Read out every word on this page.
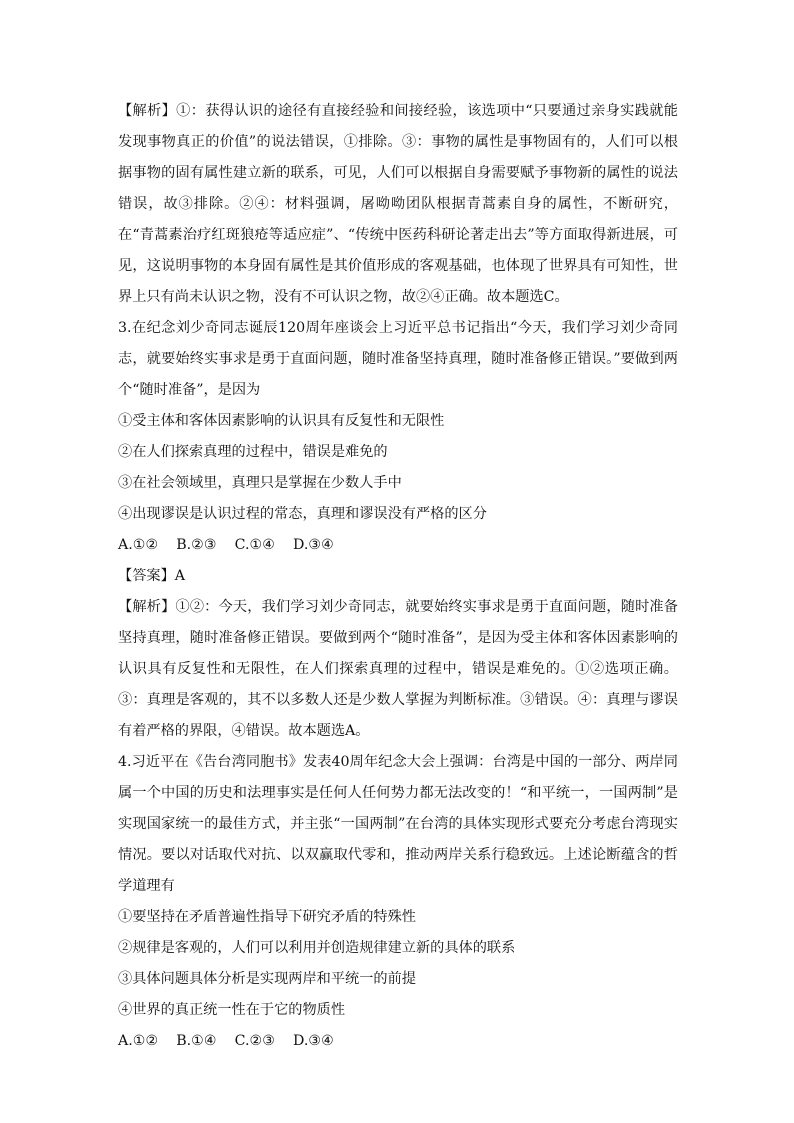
【解析】①：获得认识的途径有直接经验和间接经验，该选项中“只要通过亲身实践就能发现事物真正的价值”的说法错误，①排除。③：事物的属性是事物固有的，人们可以根据事物的固有属性建立新的联系，可见，人们可以根据自身需要赋予事物新的属性的说法错误，故③排除。②④：材料强调，屠呦呦团队根据青蒿素自身的属性，不断研究，在“青蒿素治疗红斑狼疮等适应症”、“传统中医药科研论著走出去”等方面取得新进展，可见，这说明事物的本身固有属性是其价值形成的客观基础，也体现了世界具有可知性，世界上只有尚未认识之物，没有不可认识之物，故②④正确。故本题选C。

3.在纪念刘少奇同志诞辰120周年座谈会上习近平总书记指出“今天，我们学习刘少奇同志，就要始终实事求是勇于直面问题，随时准备坚持真理，随时准备修正错误。”要做到两个“随时准备”，是因为

①受主体和客体因素影响的认识具有反复性和无限性

②在人们探索真理的过程中，错误是难免的

③在社会领域里，真理只是掌握在少数人手中

④出现谬误是认识过程的常态，真理和谬误没有严格的区分

A.①②    B.②③    C.①④    D.③④

【答案】A

【解析】①②：今天，我们学习刘少奇同志，就要始终实事求是勇于直面问题，随时准备坚持真理，随时准备修正错误。要做到两个“随时准备”，是因为受主体和客体因素影响的认识具有反复性和无限性，在人们探索真理的过程中，错误是难免的。①②选项正确。③：真理是客观的，其不以多数人还是少数人掌握为判断标准。③错误。④：真理与谬误有着严格的界限，④错误。故本题选A。

4.习近平在《告台湾同胞书》发表40周年纪念大会上强调：台湾是中国的一部分、两岸同属一个中国的历史和法理事实是任何人任何势力都无法改变的！“和平统一，一国两制”是实现国家统一的最佳方式，并主张“一国两制”在台湾的具体实现形式要充分考虑台湾现实情况。要以对话取代对抗、以双赢取代零和，推动两岸关系行稳致远。上述论断蕴含的哲学道理有

①要坚持在矛盾普遍性指导下研究矛盾的特殊性

②规律是客观的，人们可以利用并创造规律建立新的具体的联系

③具体问题具体分析是实现两岸和平统一的前提

④世界的真正统一性在于它的物质性

A.①②    B.①④    C.②③    D.③④
